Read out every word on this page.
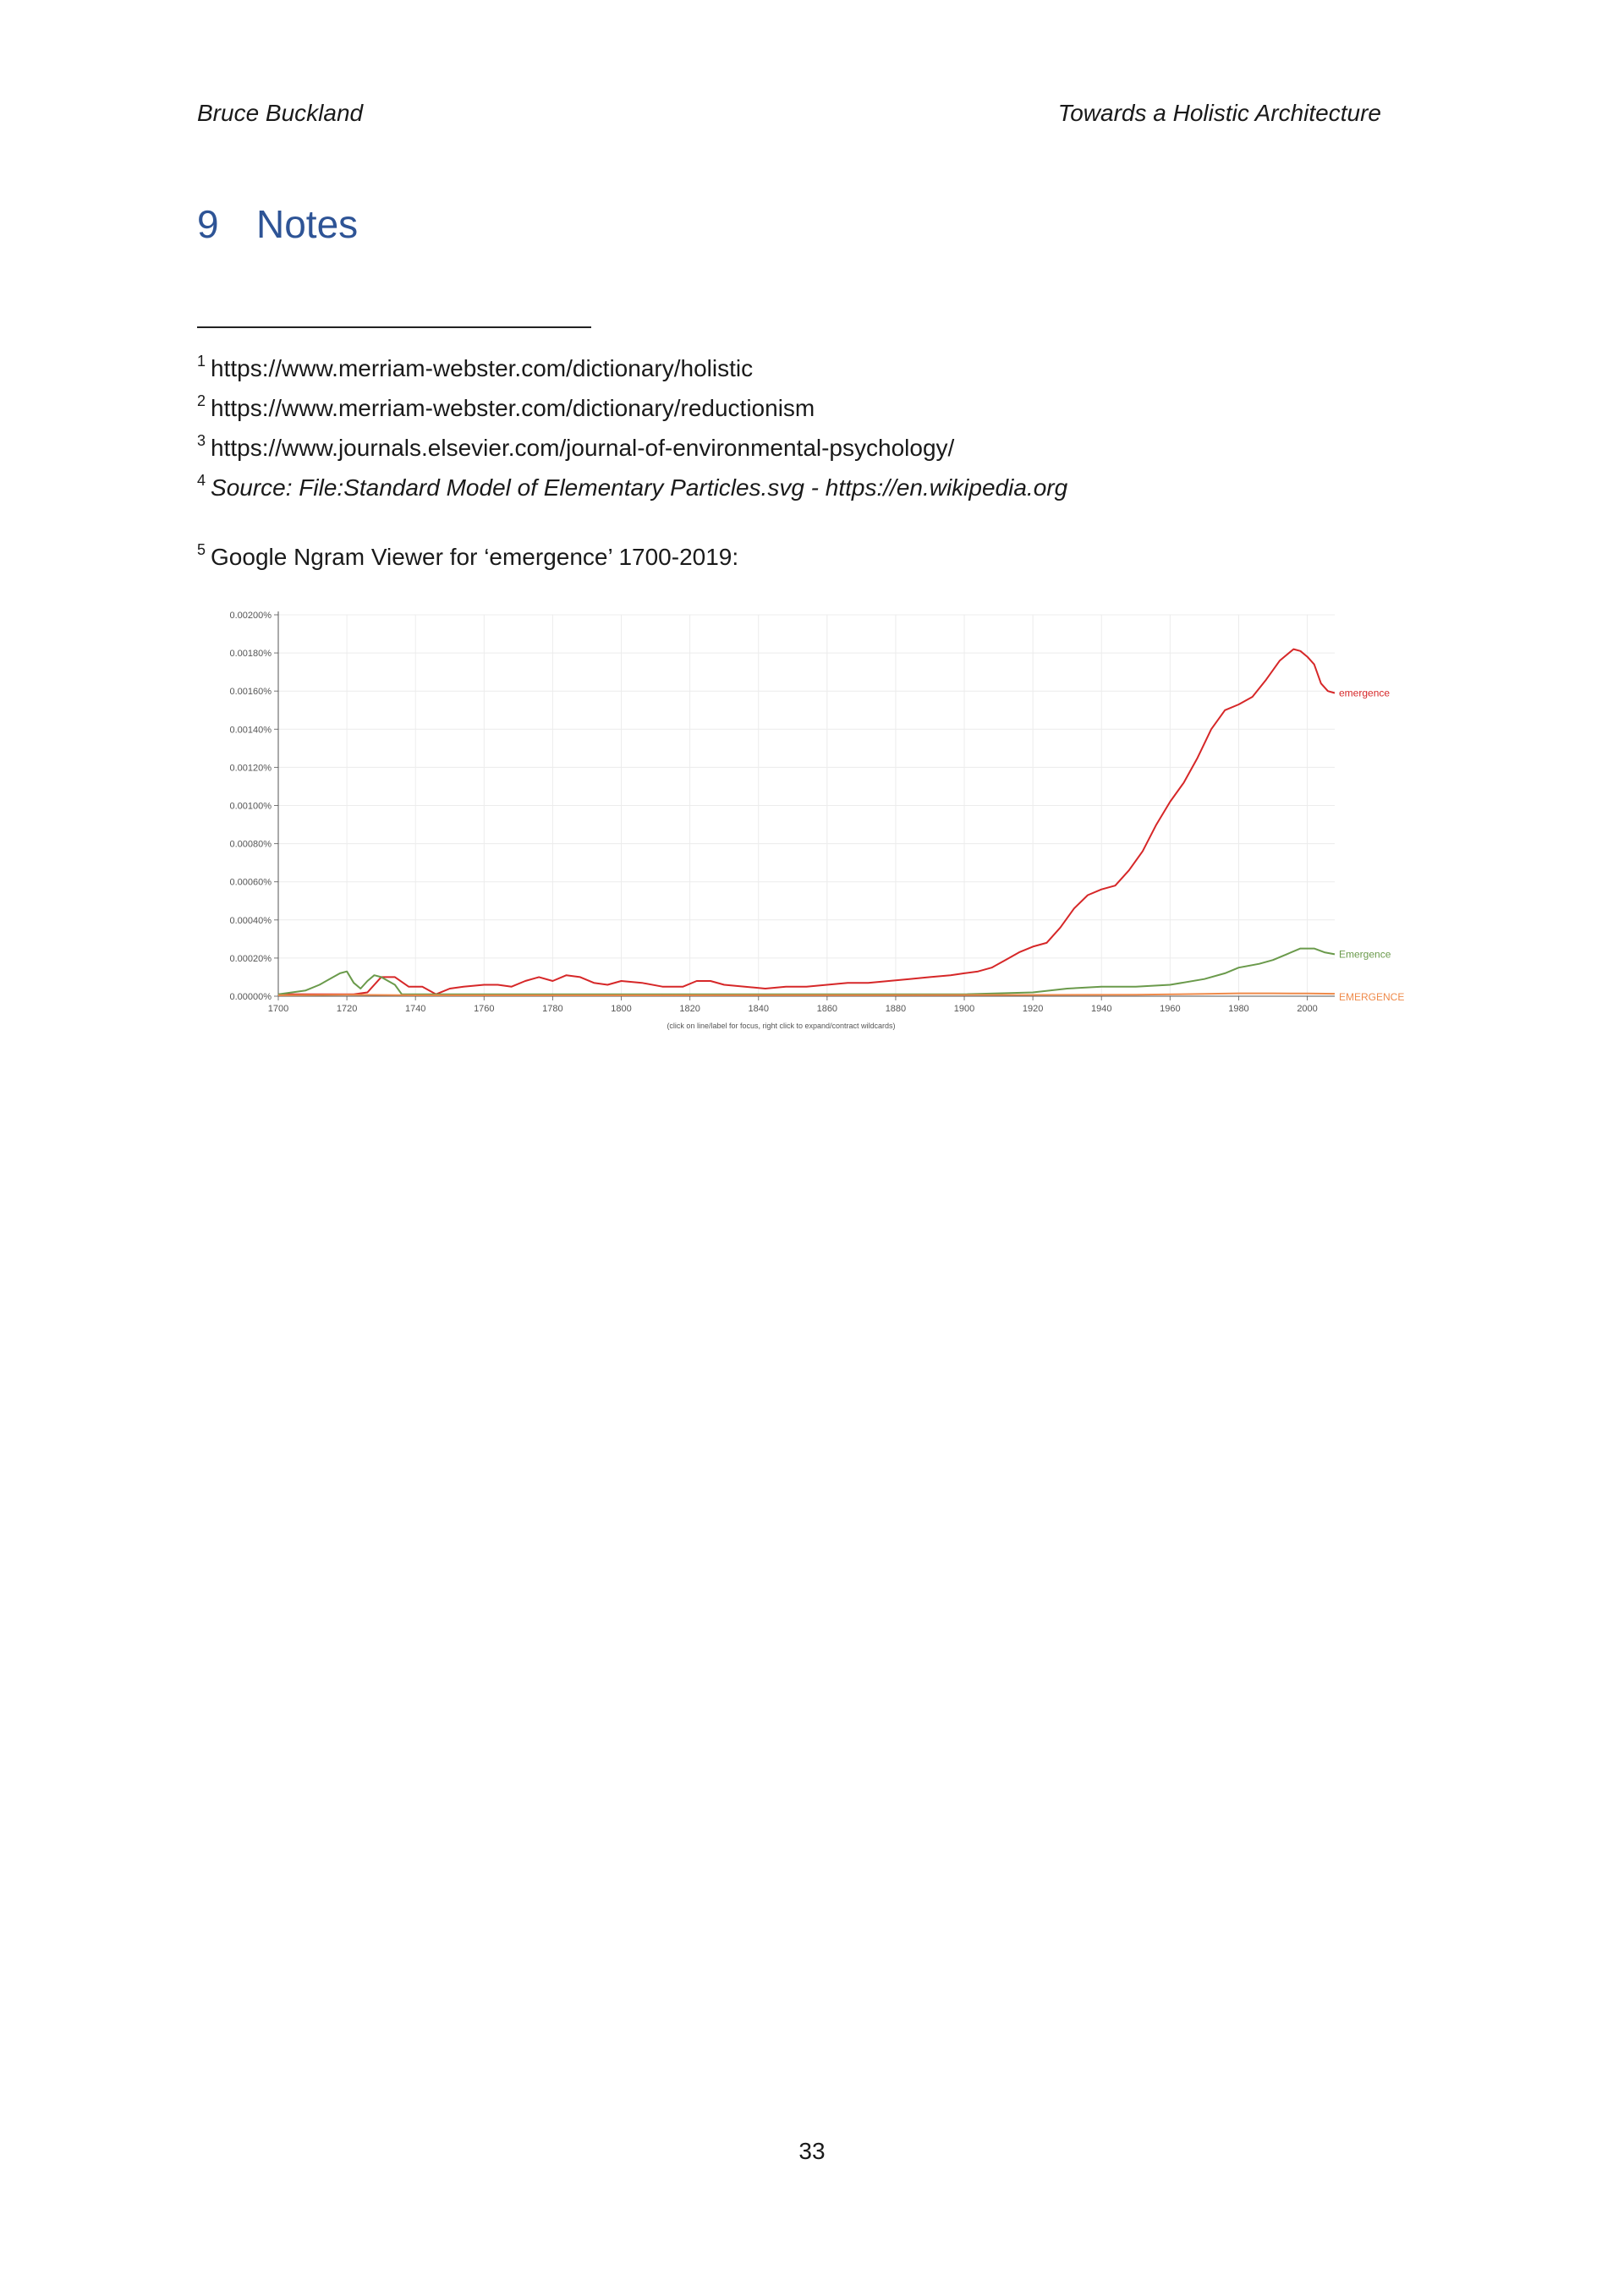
Bruce Buckland	Towards a Holistic Architecture
9 Notes
$^1$ https://www.merriam-webster.com/dictionary/holistic
$^2$ https://www.merriam-webster.com/dictionary/reductionism
$^3$ https://www.journals.elsevier.com/journal-of-environmental-psychology/
$^4$ Source: File:Standard Model of Elementary Particles.svg - https://en.wikipedia.org
$^5$ Google Ngram Viewer for ‘emergence’ 1700-2019:
0.00000%
0.00020%
0.00040%
0.00060%
0.00080%
0.00100%
0.00120%
0.00140%
0.00160%
0.00180%
0.00200%
1700	1720	1740	1760	1780	1800	1820	1840	1860	1880	1900	1920	1940	1960	1980	2000
emergence
Emergence
EMERGENCE
(click on line/label for focus, right click to expand/contract wildcards)
33
